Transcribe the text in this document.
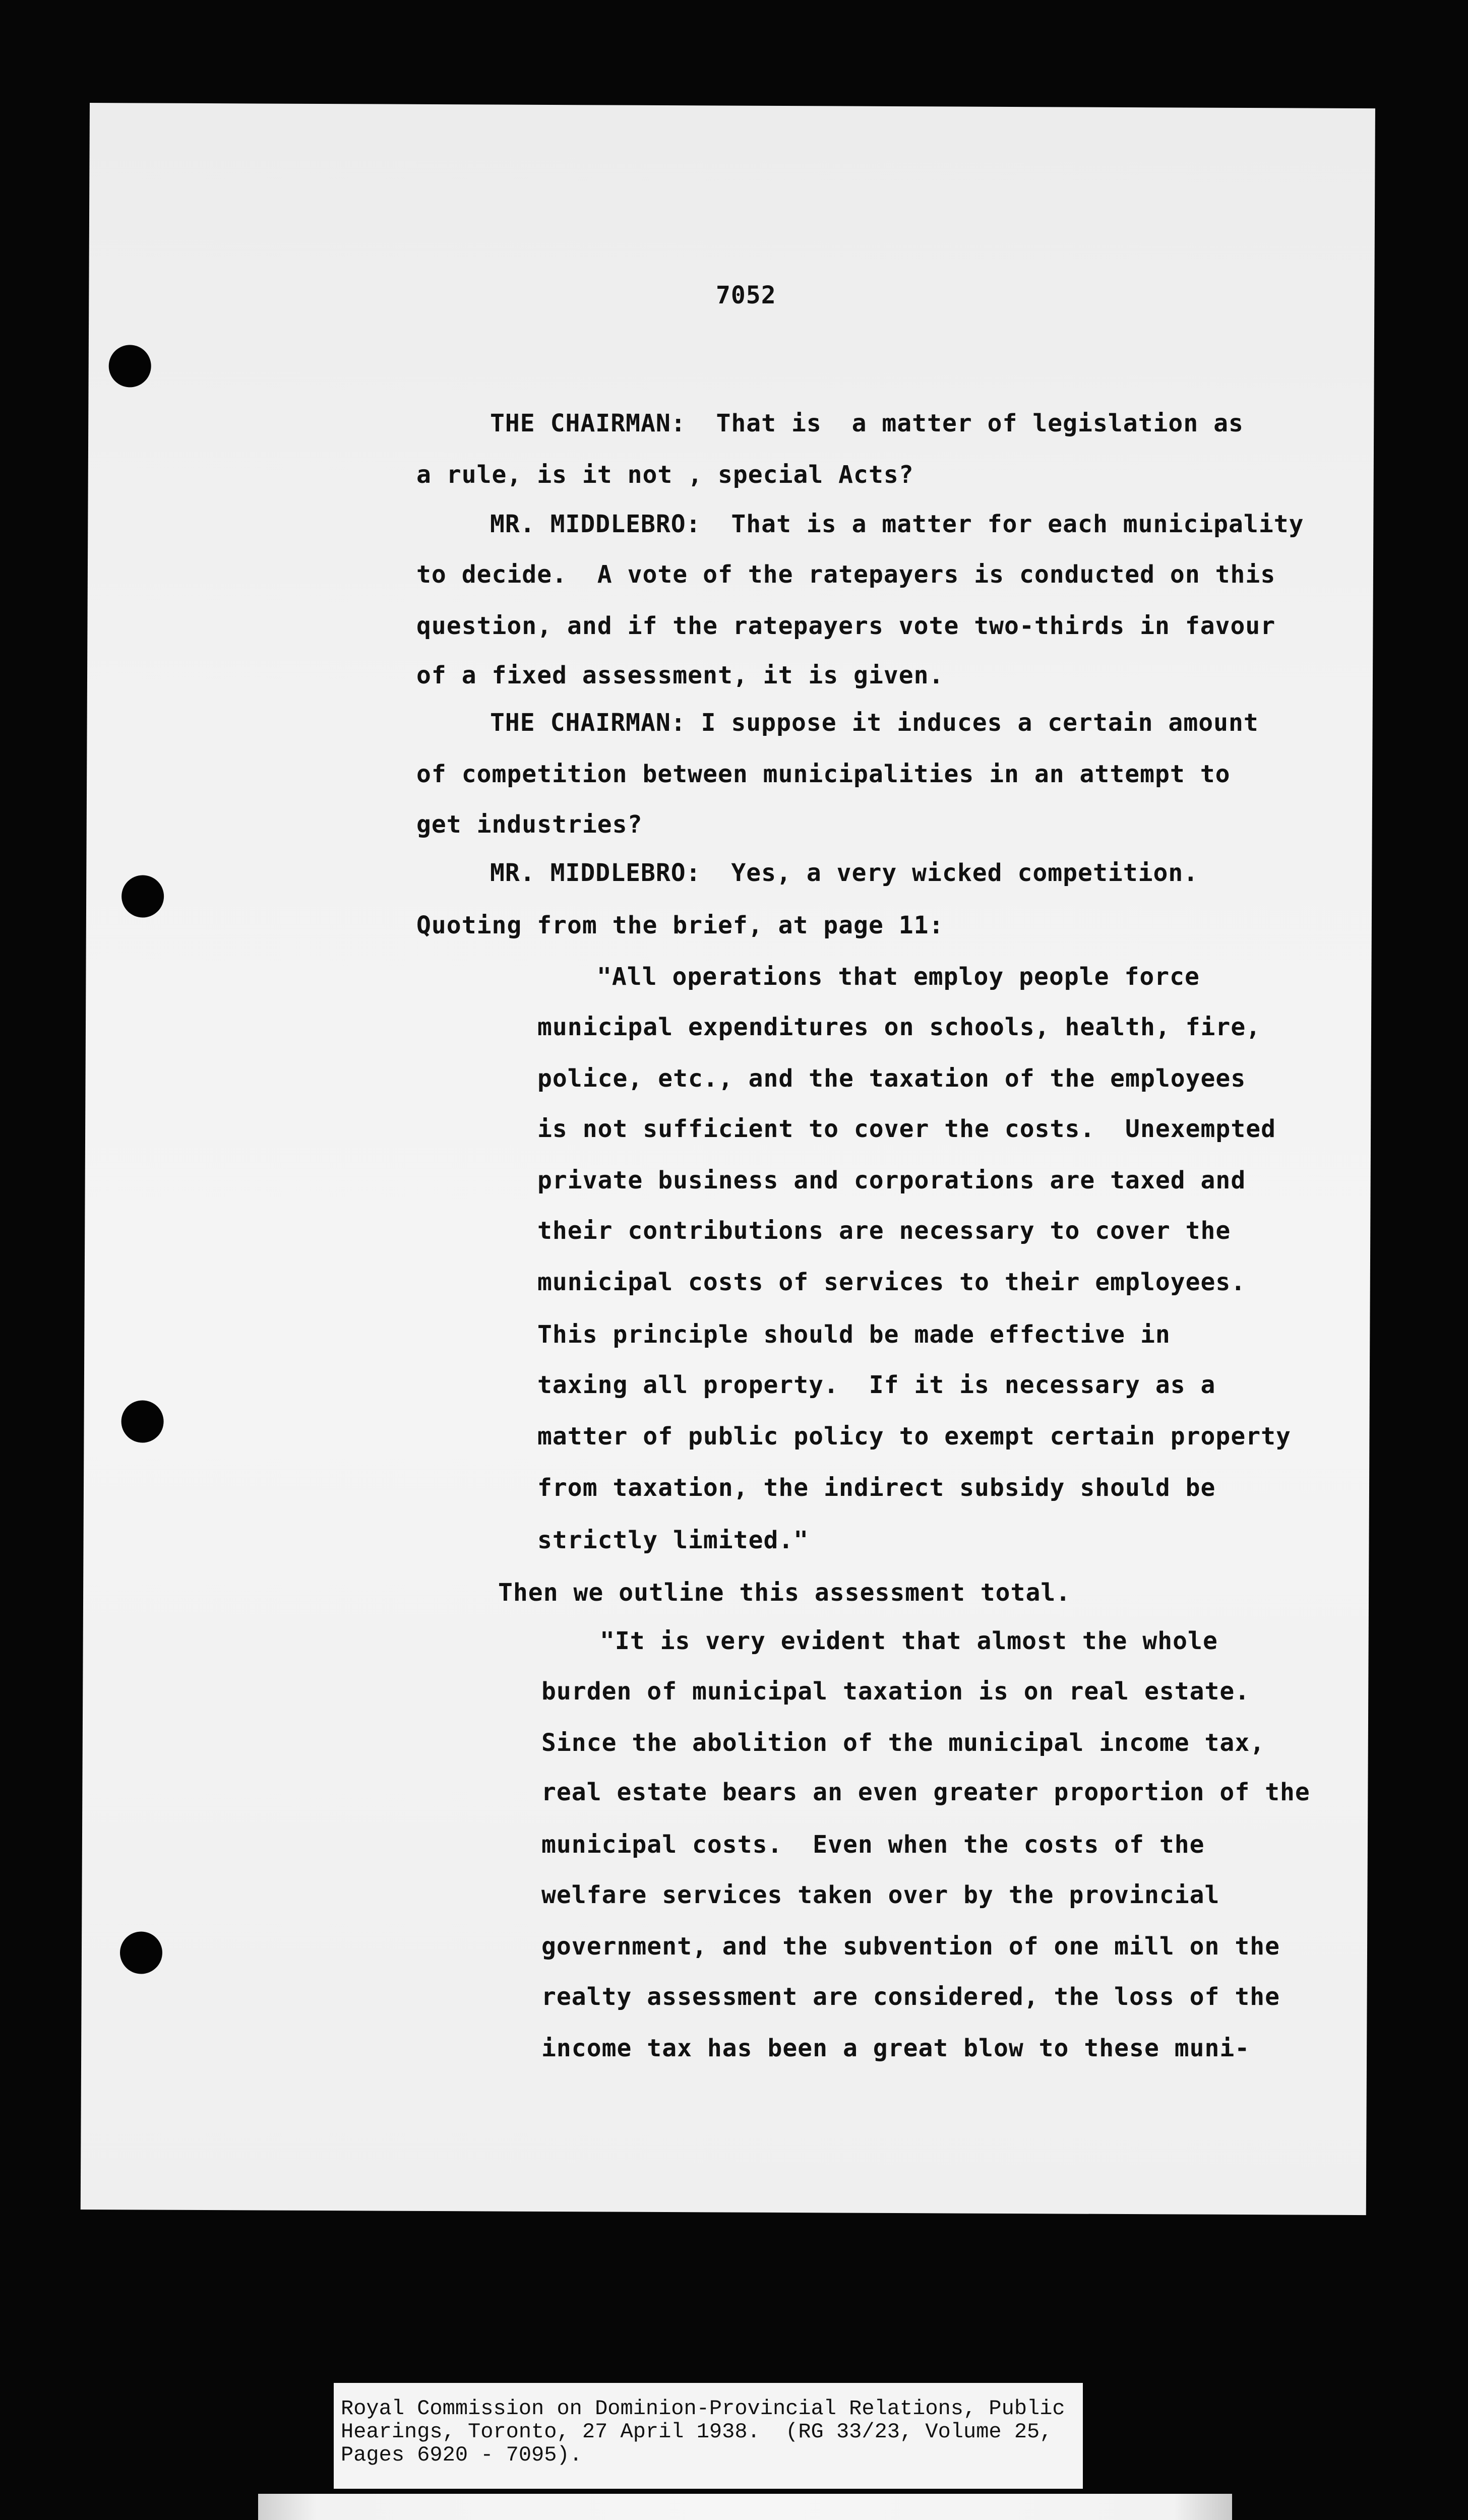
7052
THE CHAIRMAN:  That is  a matter of legislation as
a rule, is it not , special Acts?
MR. MIDDLEBRO:  That is a matter for each municipality
to decide.  A vote of the ratepayers is conducted on this
question, and if the ratepayers vote two-thirds in favour
of a fixed assessment, it is given.
THE CHAIRMAN: I suppose it induces a certain amount
of competition between municipalities in an attempt to
get industries?
MR. MIDDLEBRO:  Yes, a very wicked competition.
Quoting from the brief, at page 11:
"All operations that employ people force
municipal expenditures on schools, health, fire,
police, etc., and the taxation of the employees
is not sufficient to cover the costs.  Unexempted
private business and corporations are taxed and
their contributions are necessary to cover the
municipal costs of services to their employees.
This principle should be made effective in
taxing all property.  If it is necessary as a
matter of public policy to exempt certain property
from taxation, the indirect subsidy should be
strictly limited."
Then we outline this assessment total.
"It is very evident that almost the whole
burden of municipal taxation is on real estate.
Since the abolition of the municipal income tax,
real estate bears an even greater proportion of the
municipal costs.  Even when the costs of the
welfare services taken over by the provincial
government, and the subvention of one mill on the
realty assessment are considered, the loss of the
income tax has been a great blow to these muni-
Royal Commission on Dominion-Provincial Relations, Public
Hearings, Toronto, 27 April 1938.  (RG 33/23, Volume 25,
Pages 6920 - 7095).
